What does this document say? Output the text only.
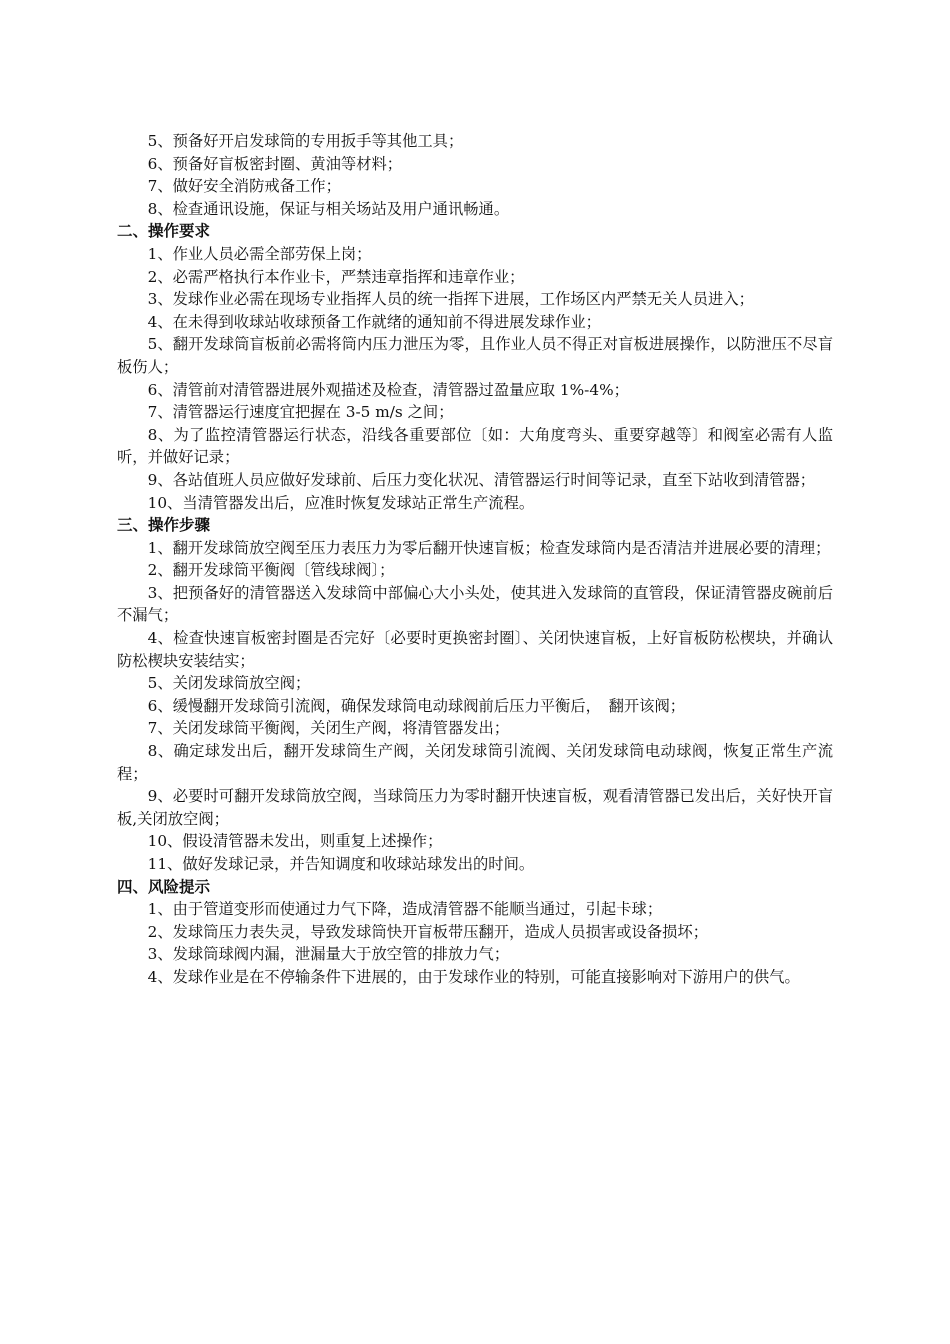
5、预备好开启发球筒的专用扳手等其他工具；

6、预备好盲板密封圈、黄油等材料；

7、做好安全消防戒备工作；

8、检查通讯设施，保证与相关场站及用户通讯畅通。

二、操作要求

1、作业人员必需全部劳保上岗；

2、必需严格执行本作业卡，严禁违章指挥和违章作业；

3、发球作业必需在现场专业指挥人员的统一指挥下进展，工作场区内严禁无关人员进入；

4、在未得到收球站收球预备工作就绪的通知前不得进展发球作业；

5、翻开发球筒盲板前必需将筒内压力泄压为零，且作业人员不得正对盲板进展操作，以防泄压不尽盲板伤人；

6、清管前对清管器进展外观描述及检查，清管器过盈量应取 1%-4%；

7、清管器运行速度宜把握在 3-5 m/s 之间；

8、为了监控清管器运行状态，沿线各重要部位〔如：大角度弯头、重要穿越等〕和阀室必需有人监听，并做好记录；

9、各站值班人员应做好发球前、后压力变化状况、清管器运行时间等记录，直至下站收到清管器；

10、当清管器发出后，应准时恢复发球站正常生产流程。

三、操作步骤

1、翻开发球筒放空阀至压力表压力为零后翻开快速盲板；检查发球筒内是否清洁并进展必要的清理；

2、翻开发球筒平衡阀〔管线球阀〕；

3、把预备好的清管器送入发球筒中部偏心大小头处，使其进入发球筒的直管段，保证清管器皮碗前后不漏气；

4、检查快速盲板密封圈是否完好〔必要时更换密封圈〕、关闭快速盲板，上好盲板防松楔块，并确认防松楔块安装结实；

5、关闭发球筒放空阀；

6、缓慢翻开发球筒引流阀，确保发球筒电动球阀前后压力平衡后，　翻开该阀；

7、关闭发球筒平衡阀，关闭生产阀，将清管器发出；

8、确定球发出后，翻开发球筒生产阀，关闭发球筒引流阀、关闭发球筒电动球阀，恢复正常生产流程；

9、必要时可翻开发球筒放空阀，当球筒压力为零时翻开快速盲板，观看清管器已发出后，关好快开盲板,关闭放空阀；

10、假设清管器未发出，则重复上述操作；

11、做好发球记录，并告知调度和收球站球发出的时间。

四、风险提示

1、由于管道变形而使通过力气下降，造成清管器不能顺当通过，引起卡球；

2、发球筒压力表失灵，导致发球筒快开盲板带压翻开，造成人员损害或设备损坏；

3、发球筒球阀内漏，泄漏量大于放空管的排放力气；

4、发球作业是在不停输条件下进展的，由于发球作业的特别，可能直接影响对下游用户的供气。
